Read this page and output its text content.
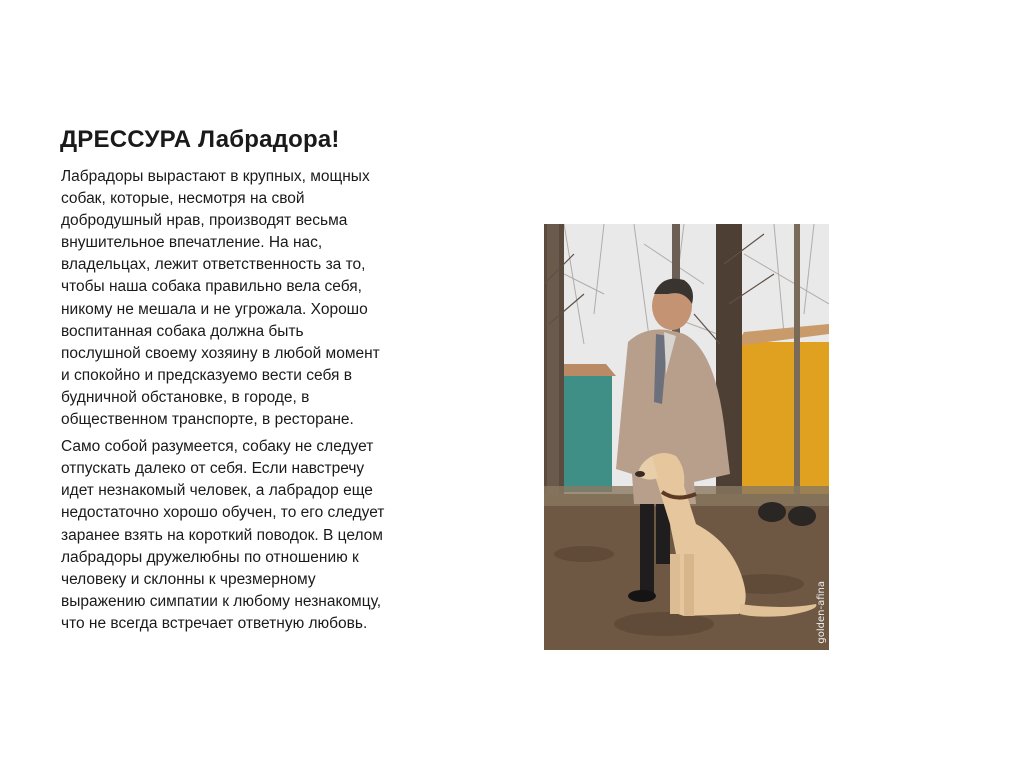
ДРЕССУРА Лабрадора!

Лабрадоры вырастают в крупных, мощных собак, которые, несмотря на свой добродушный нрав, производят весьма внушительное впечатление. На нас, владельцах, лежит ответственность за то, чтобы наша собака правильно вела себя, никому не мешала и не угрожала. Хорошо воспитанная собака должна быть послушной своему хозяину в любой момент и спокойно и предсказуемо вести себя в будничной обстановке, в городе, в общественном транспорте, в ресторане.

Само собой разумеется, собаку не следует отпускать далеко от себя. Если навстречу идет незнакомый человек, а лабрадор еще недостаточно хорошо обучен, то его следует заранее взять на короткий поводок. В целом лабрадоры дружелюбны по отношению к человеку и склонны к чрезмерному выражению симпатии к любому незнакомцу, что не всегда встречает ответную любовь.	golden-afina
